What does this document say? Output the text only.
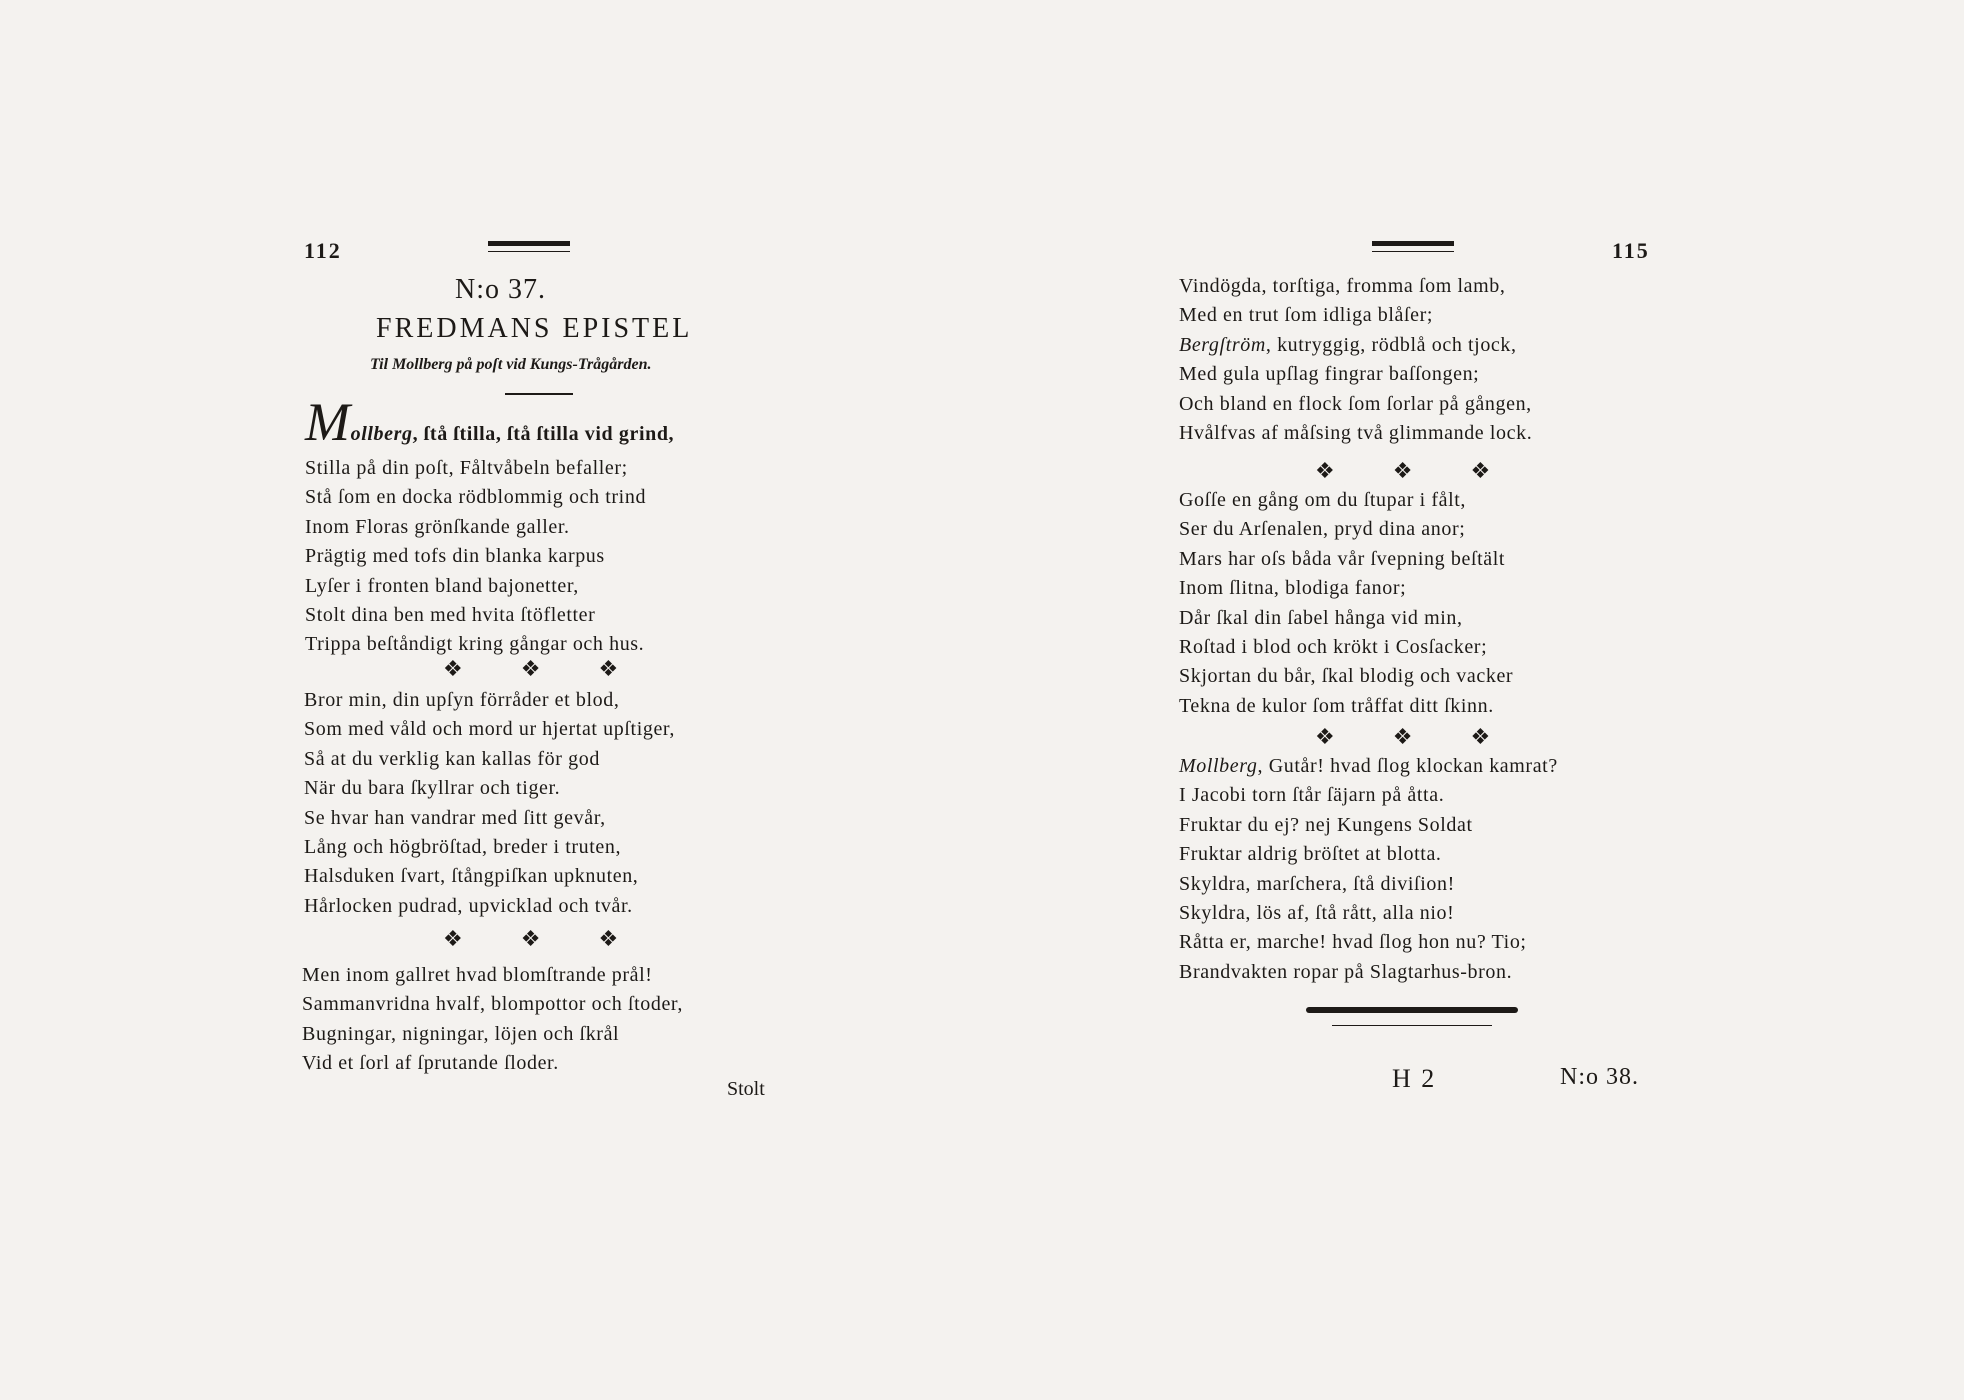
112
N:o 37.
FREDMANS EPISTEL
Til Mollberg på poſt vid Kungs-Trågården.
Mollberg, ſtå ſtilla, ſtå ſtilla vid grind,
Stilla på din poſt, Fåltvåbeln befaller;
Stå ſom en docka rödblommig och trind
Inom Floras grönſkande galler.
Prägtig med tofs din blanka karpus
Lyſer i fronten bland bajonetter,
Stolt dina ben med hvita ſtöfletter
Trippa beſtåndigt kring gångar och hus.
❖	❖	❖
Bror min, din upſyn förråder et blod,
Som med våld och mord ur hjertat upſtiger,
Så at du verklig kan kallas för god
När du bara ſkyllrar och tiger.
Se hvar han vandrar med ſitt gevår,
Lång och högbröſtad, breder i truten,
Halsduken ſvart, ſtångpiſkan upknuten,
Hårlocken pudrad, upvicklad och tvår.
❖	❖	❖
Men inom gallret hvad blomſtrande prål!
Sammanvridna hvalf, blompottor och ſtoder,
Bugningar, nigningar, löjen och ſkrål
Vid et ſorl af ſprutande ſloder.
Stolt
115
Vindögda, torſtiga, fromma ſom lamb,
Med en trut ſom idliga blåſer;
Bergſtröm, kutryggig, rödblå och tjock,
Med gula upſlag fingrar baſſongen;
Och bland en flock ſom ſorlar på gången,
Hvålfvas af måſsing två glimmande lock.
❖	❖	❖
Goſſe en gång om du ſtupar i fålt,
Ser du Arſenalen, pryd dina anor;
Mars har oſs båda vår ſvepning beſtält
Inom ſlitna, blodiga fanor;
Dår ſkal din ſabel hånga vid min,
Roſtad i blod och krökt i Cosſacker;
Skjortan du bår, ſkal blodig och vacker
Tekna de kulor ſom tråffat ditt ſkinn.
❖	❖	❖
Mollberg, Gutår! hvad ſlog klockan kamrat?
I Jacobi torn ſtår ſäjarn på åtta.
Fruktar du ej? nej Kungens Soldat
Fruktar aldrig bröſtet at blotta.
Skyldra, marſchera, ſtå diviſion!
Skyldra, lös af, ſtå rått, alla nio!
Råtta er, marche! hvad ſlog hon nu? Tio;
Brandvakten ropar på Slagtarhus-bron.
H 2	N:o 38.
